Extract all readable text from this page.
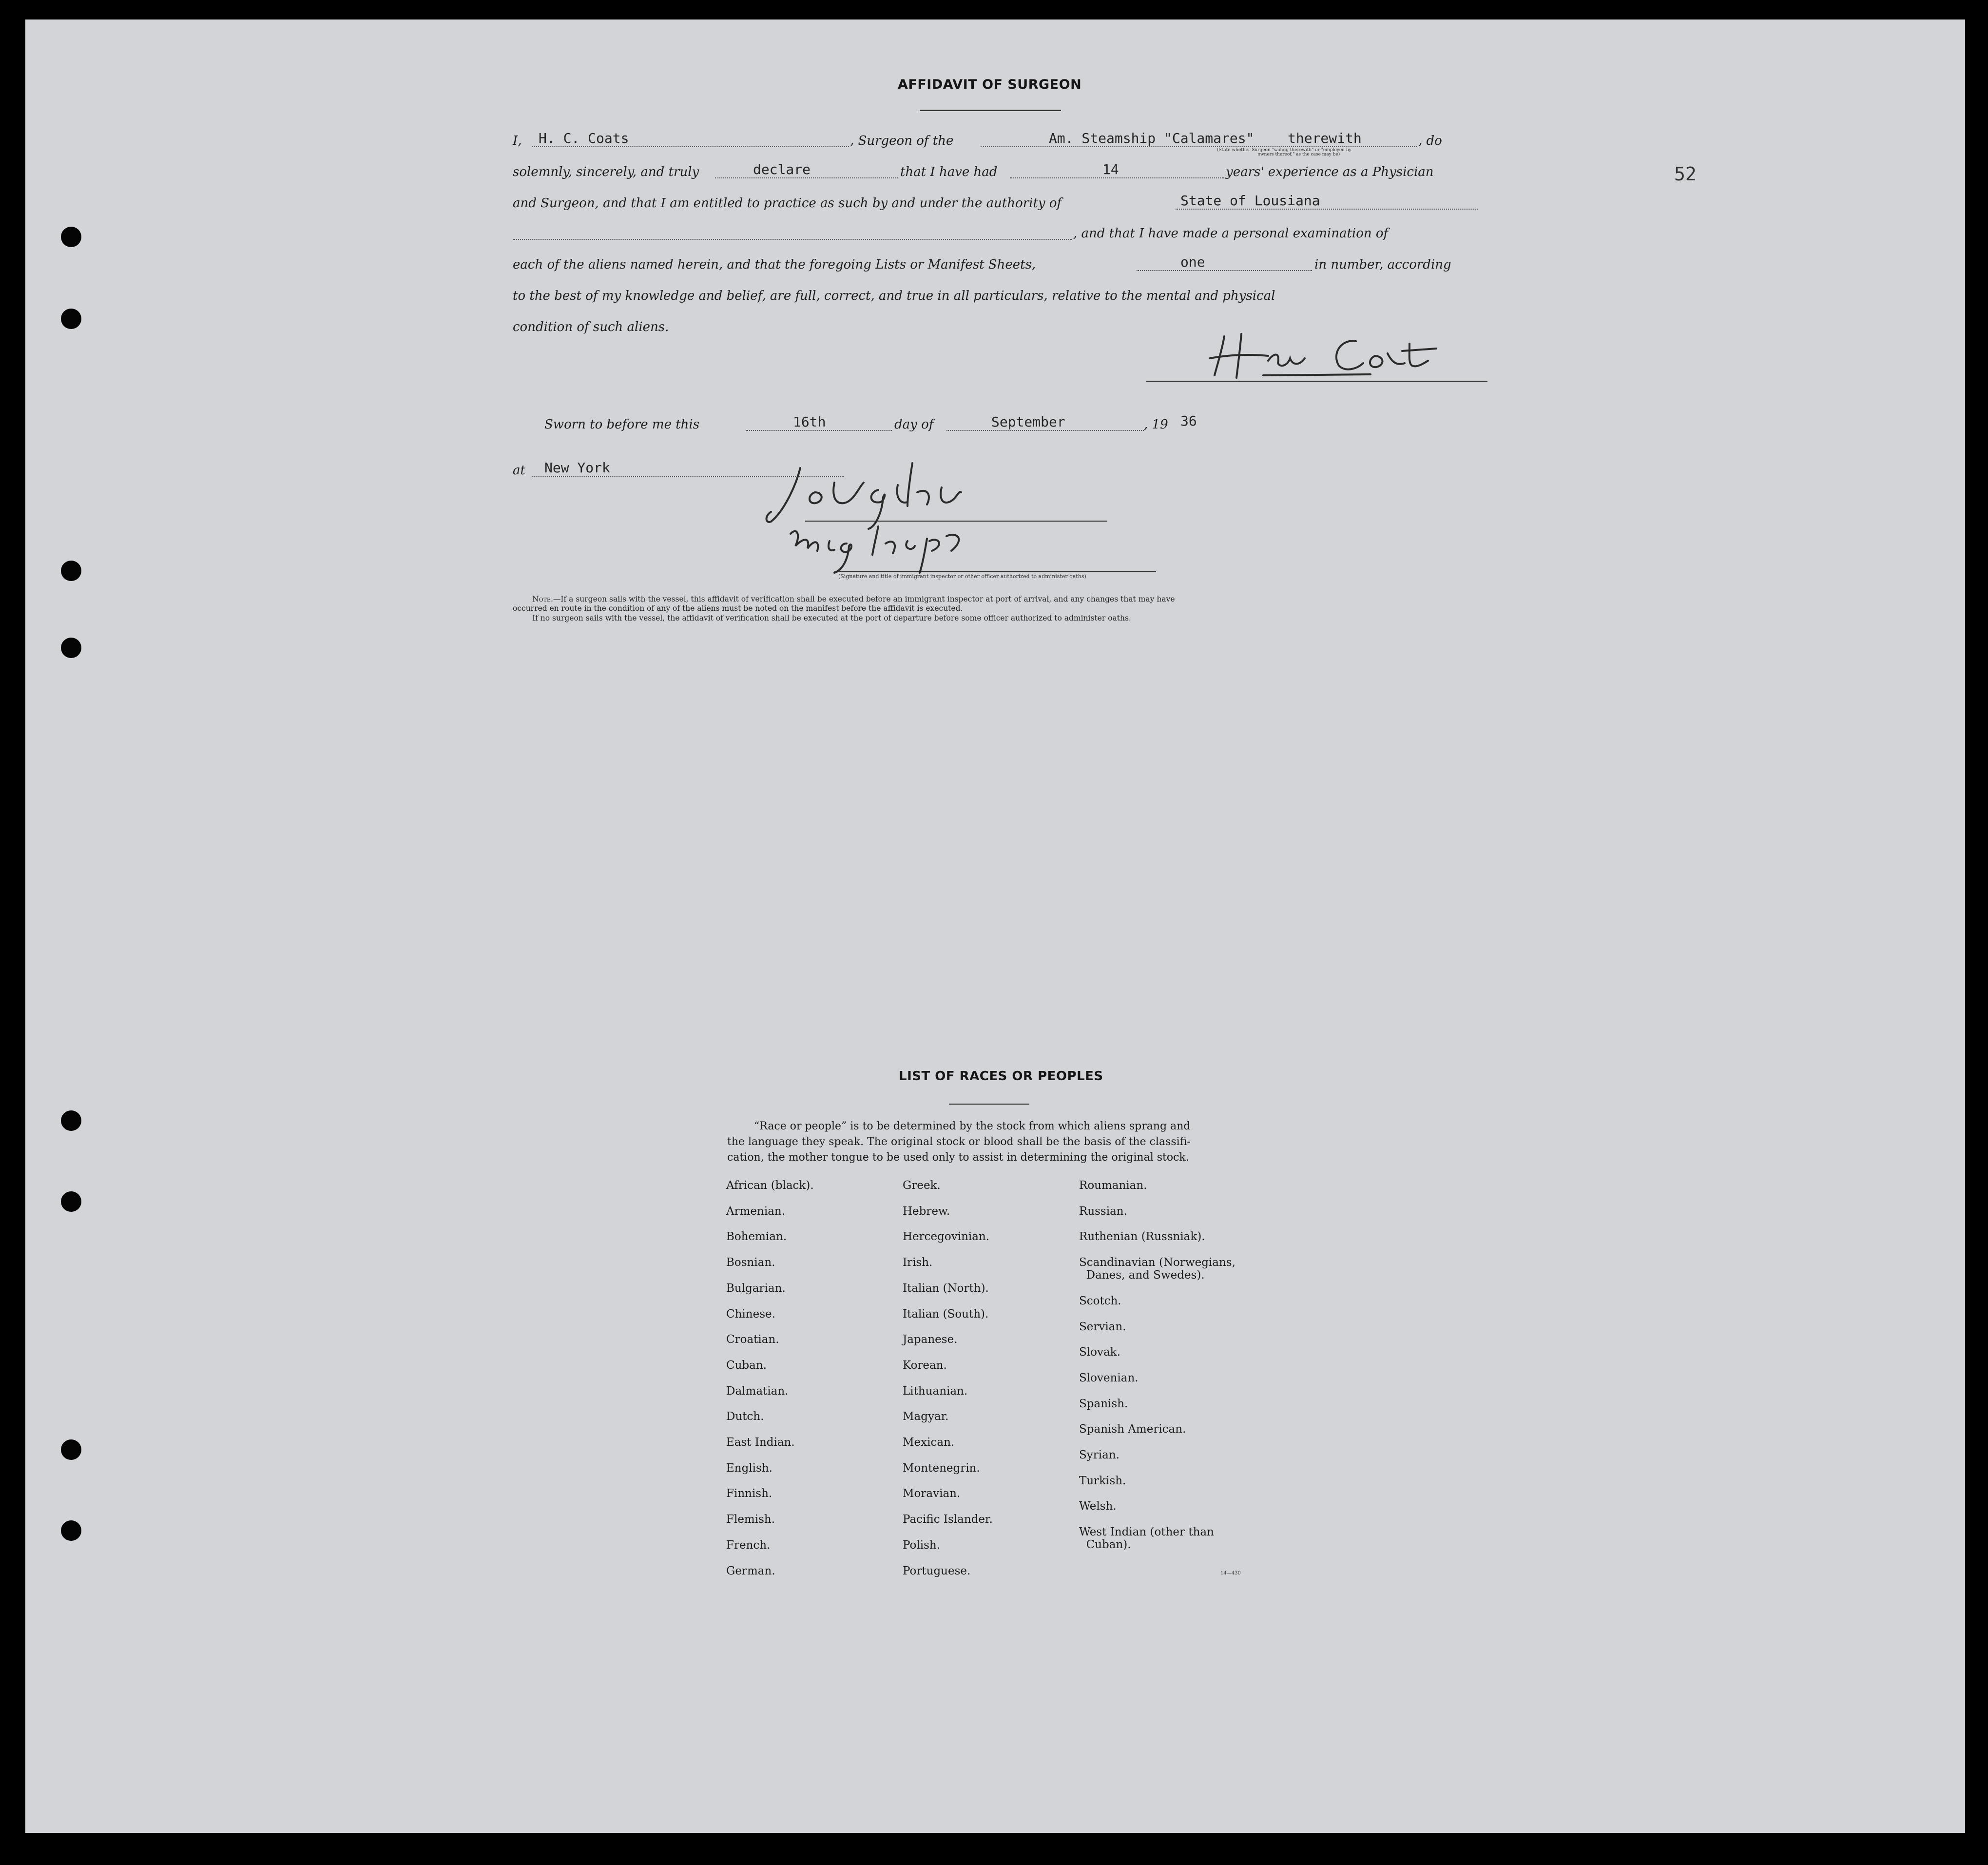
52
AFFIDAVIT OF SURGEON
I, H. C. Coats	, Surgeon of the	Am. Steamship "Calamares" therewith	, do
(State whether Surgeon "sailing therewith" or "employed by
owners thereof," as the case may be)
solemnly, sincerely, and truly	declare	that I have had	14	years' experience as a Physician
and Surgeon, and that I am entitled to practice as such by and under the authority of	State of Lousiana
, and that I have made a personal examination of
each of the aliens named herein, and that the foregoing Lists or Manifest Sheets,	one	in number, according
to the best of my knowledge and belief, are full, correct, and true in all particulars, relative to the mental and physical
condition of such aliens.
Sworn to before me this	16th	day of	September	, 19 36
at New York
(Signature and title of immigrant inspector or other officer authorized to administer oaths)
Note.—If a surgeon sails with the vessel, this affidavit of verification shall be executed before an immigrant inspector at port of arrival, and any changes that may have
occurred en route in the condition of any of the aliens must be noted on the manifest before the affidavit is executed.
If no surgeon sails with the vessel, the affidavit of verification shall be executed at the port of departure before some officer authorized to administer oaths.
LIST OF RACES OR PEOPLES
“Race or people” is to be determined by the stock from which aliens sprang and
the language they speak. The original stock or blood shall be the basis of the classifi-
cation, the mother tongue to be used only to assist in determining the original stock.
African (black).
Armenian.
Bohemian.
Bosnian.
Bulgarian.
Chinese.
Croatian.
Cuban.
Dalmatian.
Dutch.
East Indian.
English.
Finnish.
Flemish.
French.
German.
Greek.
Hebrew.
Hercegovinian.
Irish.
Italian (North).
Italian (South).
Japanese.
Korean.
Lithuanian.
Magyar.
Mexican.
Montenegrin.
Moravian.
Pacific Islander.
Polish.
Portuguese.
Roumanian.
Russian.
Ruthenian (Russniak).
Scandinavian (Norwegians,
Danes, and Swedes).
Scotch.
Servian.
Slovak.
Slovenian.
Spanish.
Spanish American.
Syrian.
Turkish.
Welsh.
West Indian (other than
Cuban).
14—430
